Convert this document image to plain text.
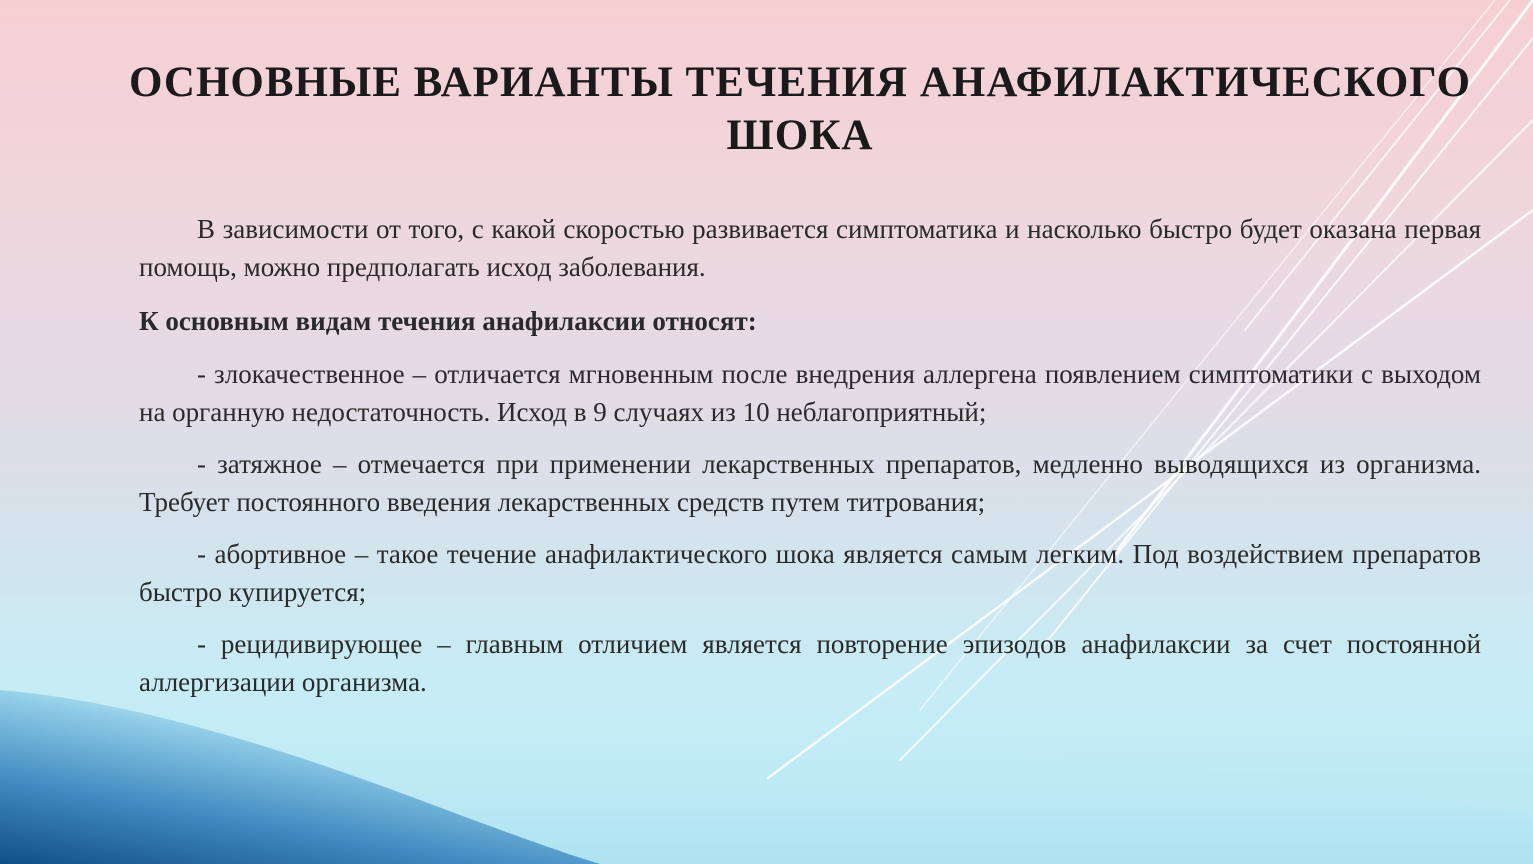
ОСНОВНЫЕ ВАРИАНТЫ ТЕЧЕНИЯ АНАФИЛАКТИЧЕСКОГО ШОКА

В зависимости от того, с какой скоростью развивается симптоматика и насколько быстро будет оказана первая помощь, можно предполагать исход заболевания.

К основным видам течения анафилаксии относят:

- злокачественное – отличается мгновенным после внедрения аллергена появлением симптоматики с выходом на органную недостаточность. Исход в 9 случаях из 10 неблагоприятный;

- затяжное – отмечается при применении лекарственных препаратов, медленно выводящихся из организма. Требует постоянного введения лекарственных средств путем титрования;

- абортивное – такое течение анафилактического шока является самым легким. Под воздействием препаратов быстро купируется;

- рецидивирующее – главным отличием является повторение эпизодов анафилаксии за счет постоянной аллергизации организма.
